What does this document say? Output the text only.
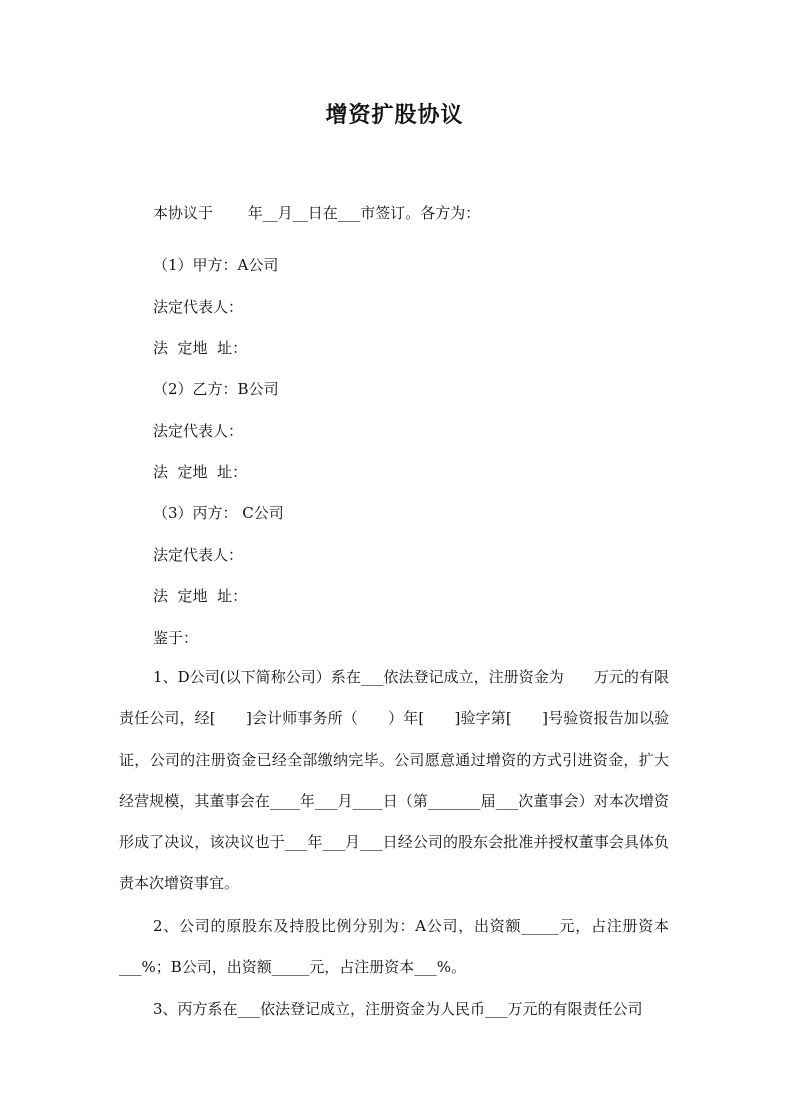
增资扩股协议
本协议于　　 年__月__日在___市签订。各方为：
（1）甲方：A公司
法定代表人：
法  定地  址：
（2）乙方：B公司
法定代表人：
法  定地  址：
（3）丙方： C公司
法定代表人：
法  定地  址：
鉴于：
1、D公司(以下简称公司）系在___依法登记成立，注册资金为　　万元的有限责任公司，经[　　]会计师事务所（　　）年[　　]验字第[　　]号验资报告加以验证，公司的注册资金已经全部缴纳完毕。公司愿意通过增资的方式引进资金，扩大经营规模，其董事会在____年___月____日（第_______届___次董事会）对本次增资形成了决议，该决议也于___年___月___日经公司的股东会批准并授权董事会具体负责本次增资事宜。
2、公司的原股东及持股比例分别为：A公司，出资额_____元，占注册资本___%；B公司，出资额_____元，占注册资本___%。
3、丙方系在___依法登记成立，注册资金为人民币___万元的有限责任公司
